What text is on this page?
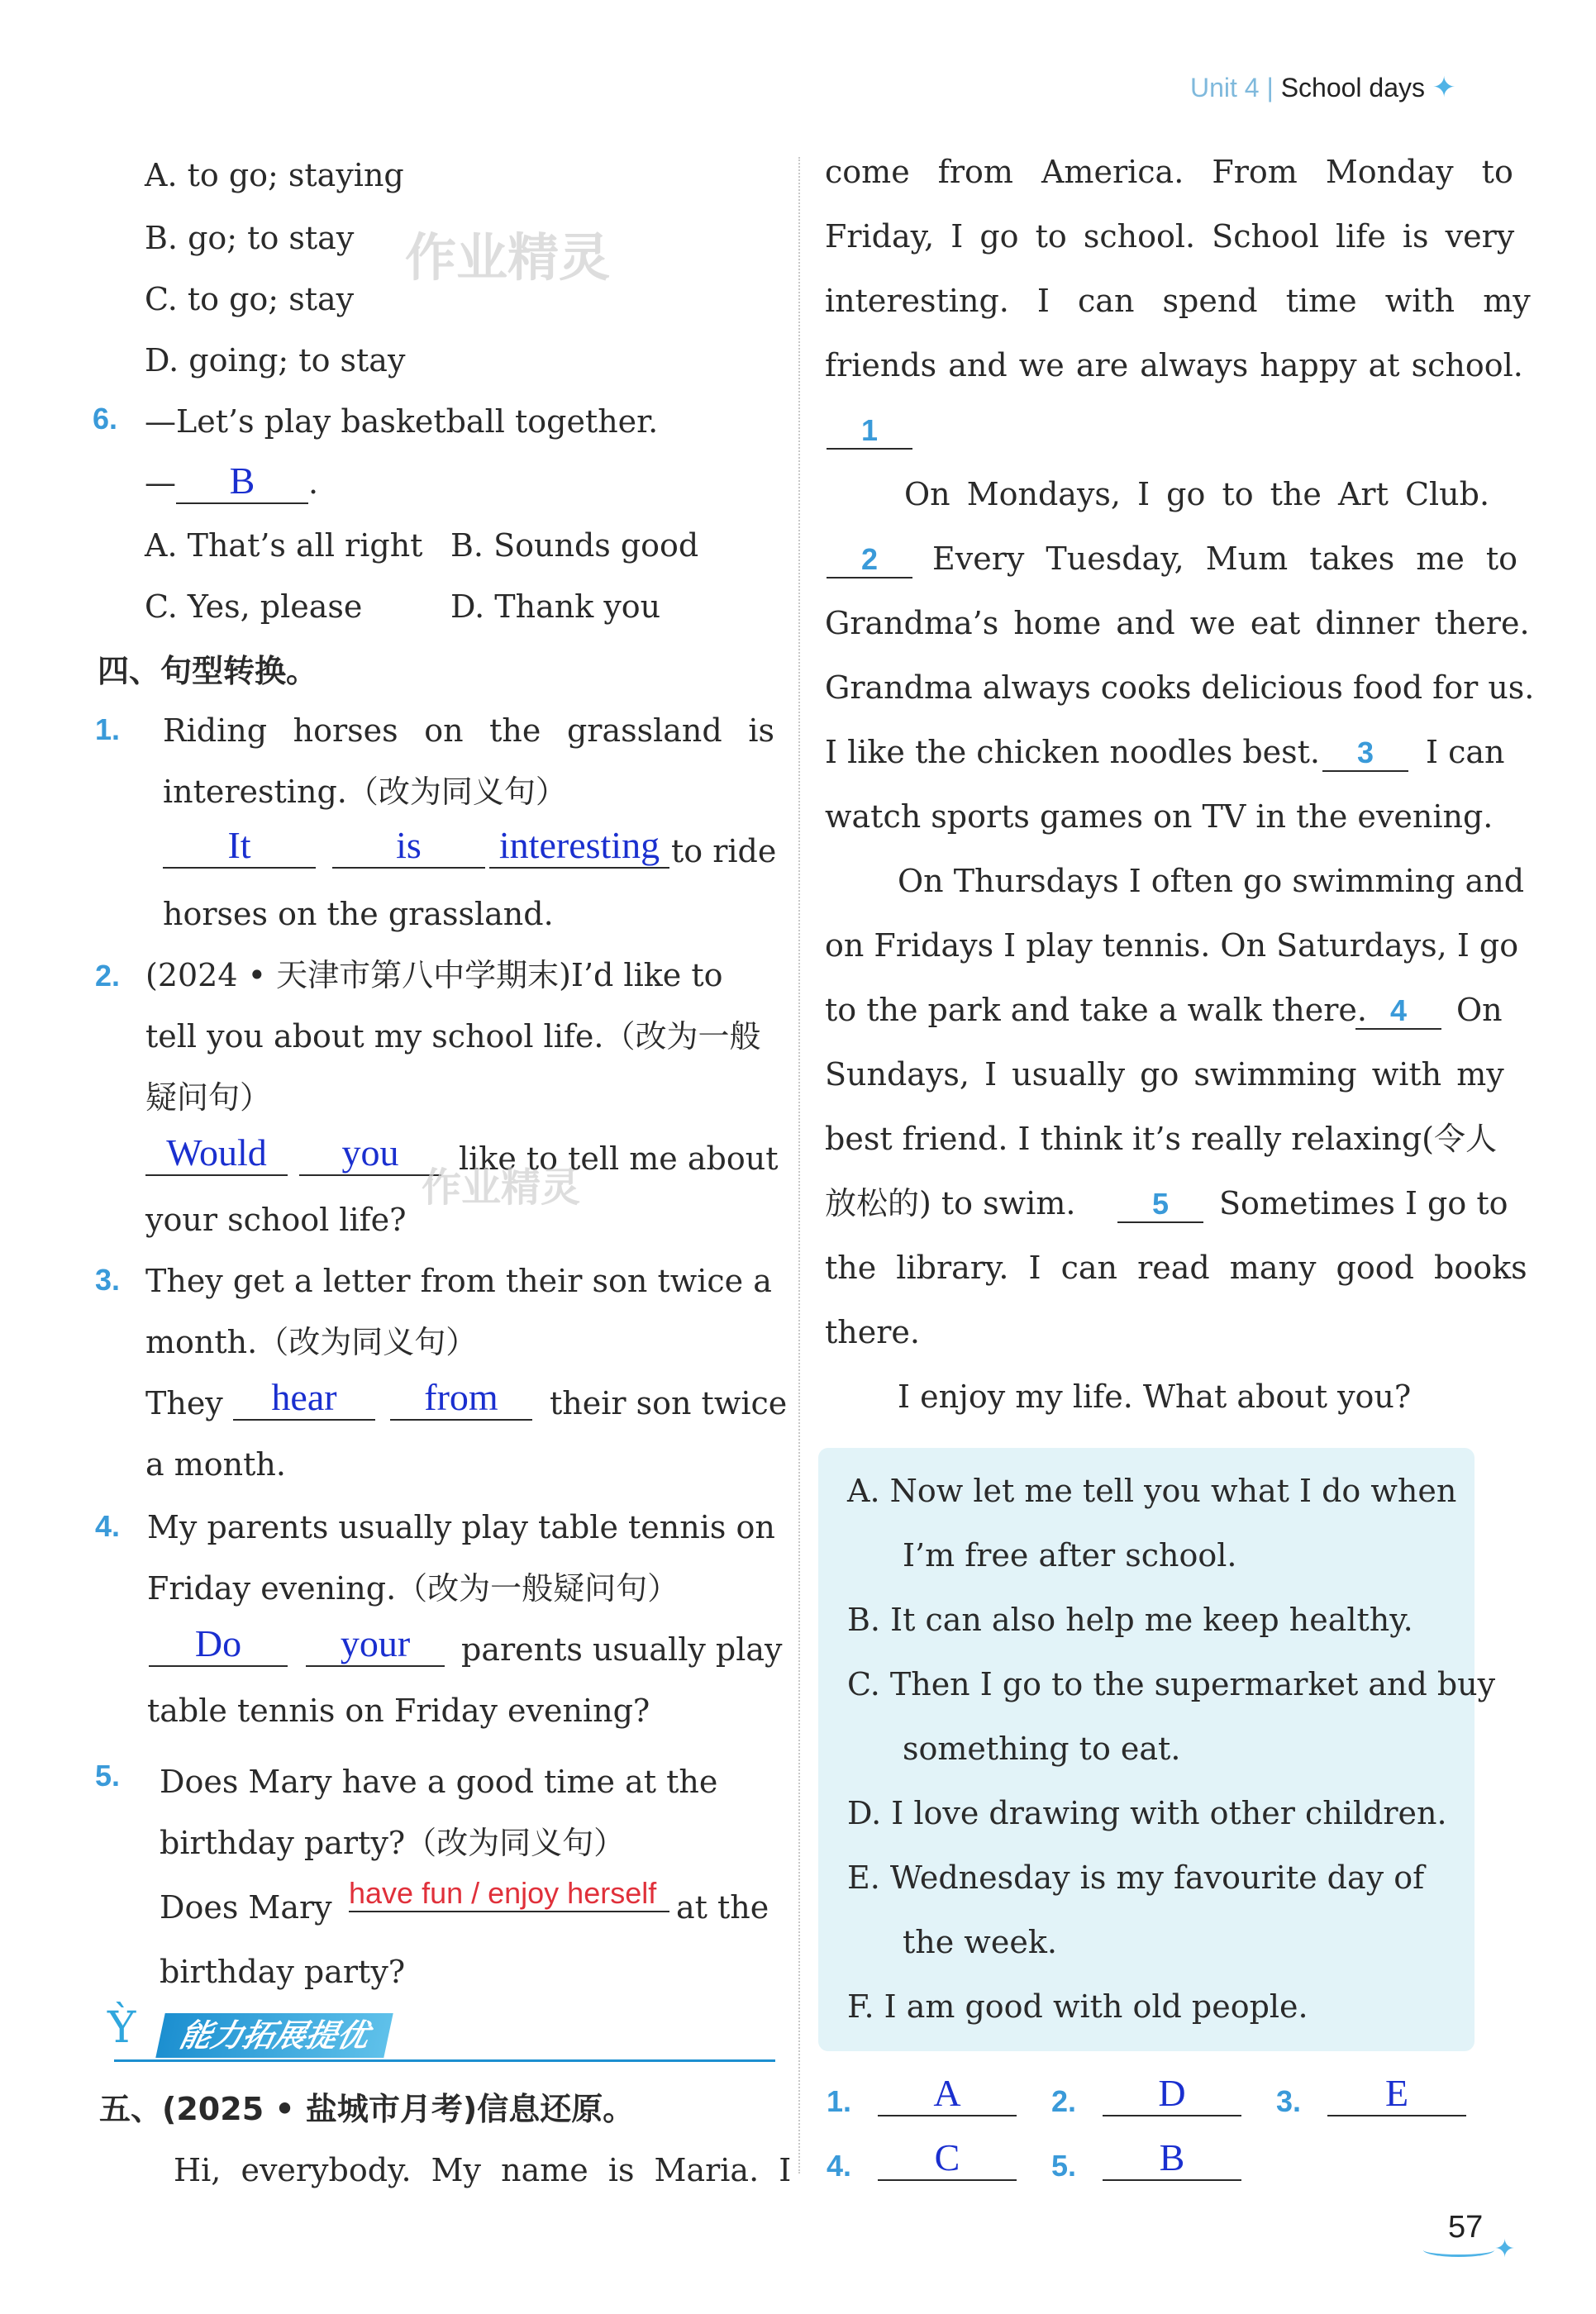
Unit 4 | School days ✦
A. to go; staying
B. go; to stay 作业精灵
C. to go; stay
D. going; to stay
6. —Let’s play basketball together.
— B .
A. That’s all right B. Sounds good
C. Yes, please	D. Thank you
四、句型转换。
1. Riding horses on the grassland is
interesting.（改为同义句）
It	is	interesting to ride
horses on the grassland.
2. (2024 • 天津市第八中学期末)I’d like to
tell you about my school life.（改为一般
疑问句）
Would	you	like to tell me about
作业精灵
your school life?
3. They get a letter from their son twice a
month.（改为同义句）
They	hear	from	their son twice
a month.
4. My parents usually play table tennis on
Friday evening.（改为一般疑问句）
Do	your	parents usually play
table tennis on Friday evening?
5. Does Mary have a good time at the
birthday party?（改为同义句）
Does Mary have fun / enjoy herself at the
birthday party?
Ỳ	能力拓展提优
五、(2025 • 盐城市月考)信息还原。
Hi, everybody. My name is Maria. I
come from America. From Monday to
Friday, I go to school. School life is very
interesting. I can spend time with my
friends and we are always happy at school.
1
On Mondays, I go to the Art Club.
2	Every Tuesday, Mum takes me to
Grandma’s home and we eat dinner there.
Grandma always cooks delicious food for us.
I like the chicken noodles best.	3	I can
watch sports games on TV in the evening.
On Thursdays I often go swimming and
on Fridays I play tennis. On Saturdays, I go
to the park and take a walk there. 4	On
Sundays, I usually go swimming with my
best friend. I think it’s really relaxing(令人
放松的) to swim.	5	Sometimes I go to
the library. I can read many good books
there.
I enjoy my life. What about you?
A. Now let me tell you what I do when
I’m free after school.
B. It can also help me keep healthy.
C. Then I go to the supermarket and buy
something to eat.
D. I love drawing with other children.
E. Wednesday is my favourite day of
the week.
F. I am good with old people.
1.	A	2.	D	3.	E
4.	C	5.	B
57
✦
